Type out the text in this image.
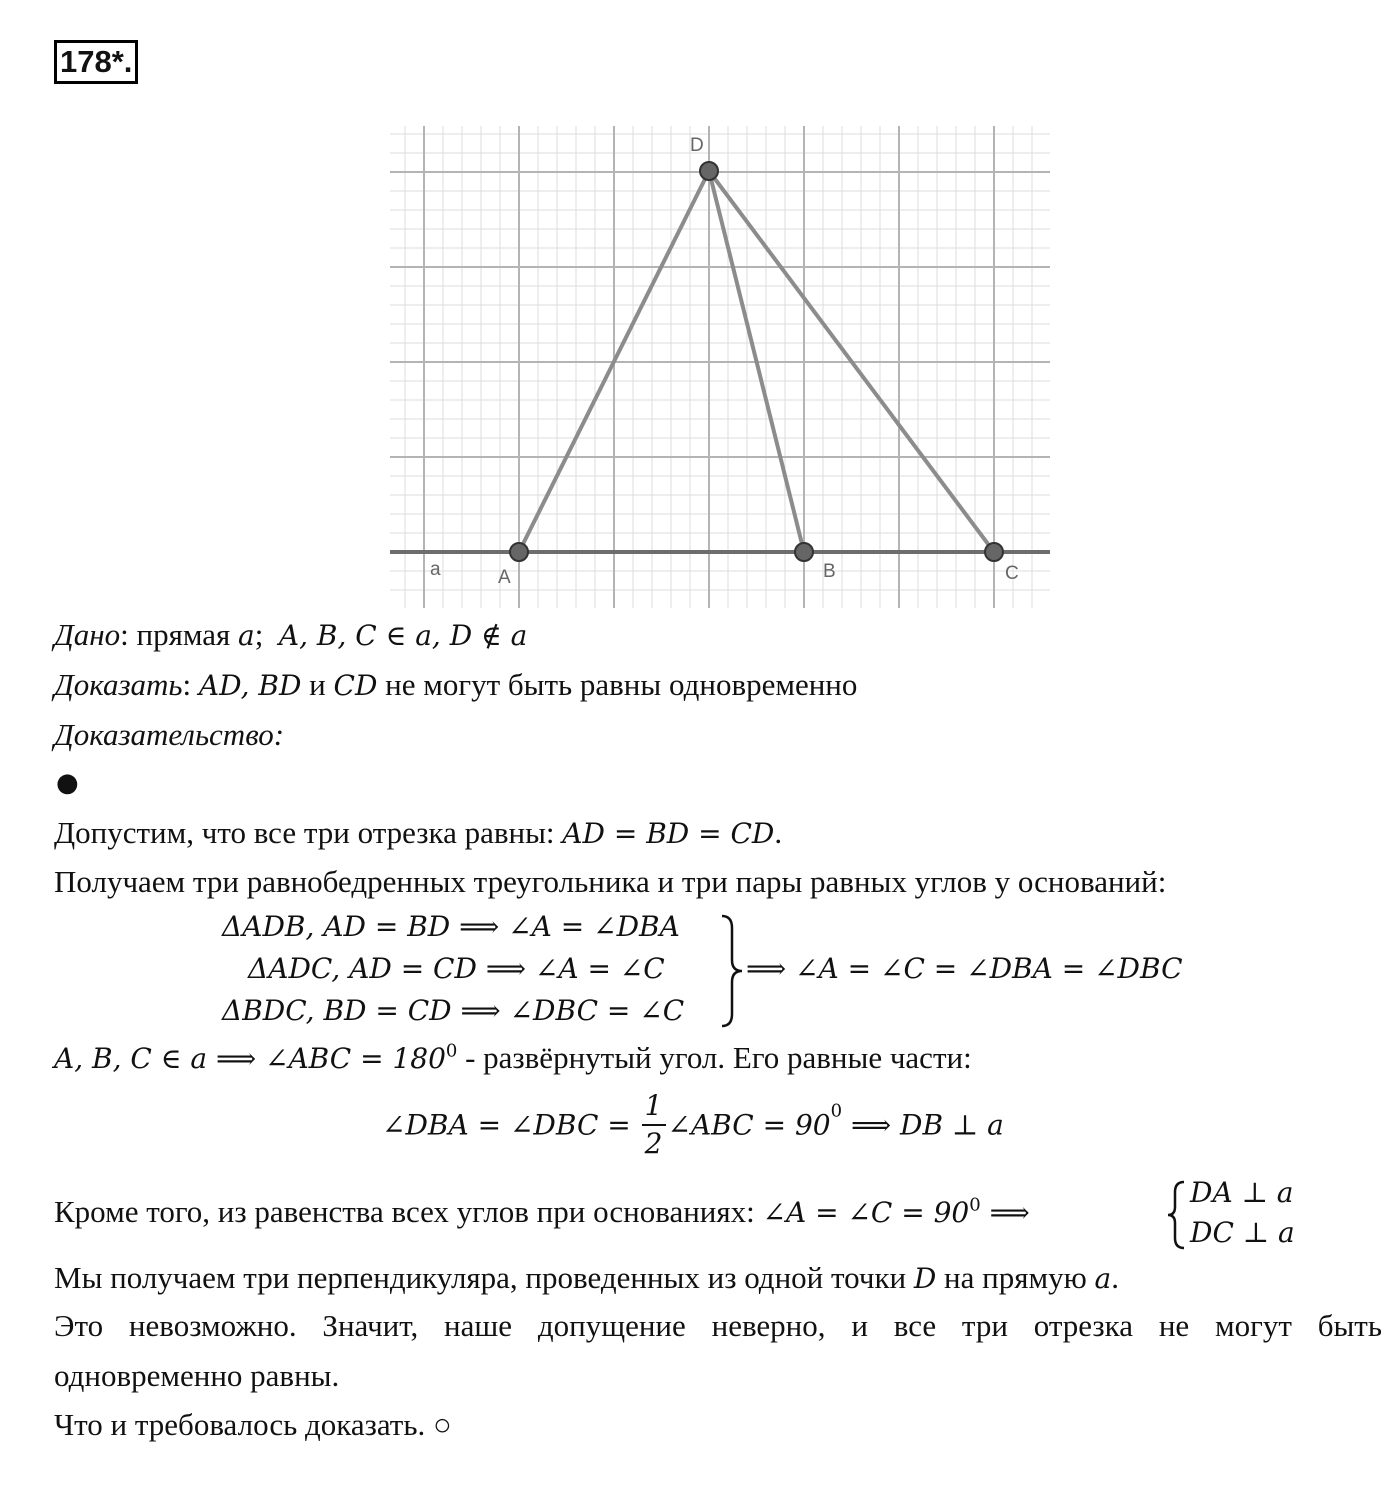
178*.
D
A	B	C
a
Дано: прямая a; A, B, C ∈ a, D ∉ a
Доказать: AD, BD и CD не могут быть равны одновременно
Доказательство:
●
Допустим, что все три отрезка равны: AD = BD = CD.
Получаем три равнобедренных треугольника и три пары равных углов у оснований:
ΔADB, AD = BD ⟹ ∠A = ∠DBA
ΔADC, AD = CD ⟹ ∠A = ∠C
ΔBDC, BD = CD ⟹ ∠DBC = ∠C
⟹ ∠A = ∠C = ∠DBA = ∠DBC
A, B, C ∈ a ⟹ ∠ABC = $180^0$ - развёрнутый угол. Его равные части:
∠DBA = ∠DBC = $\frac{1}{2}$ ∠ABC = $90^0$ ⟹ DB ⊥ a
Кроме того, из равенства всех углов при основаниях: ∠A = ∠C = $90^0$ ⟹
DA ⊥ a
DC ⊥ a
Мы получаем три перпендикуляра, проведенных из одной точки D на прямую a.
Это невозможно. Значит, наше допущение неверно, и все три отрезка не могут быть
одновременно равны.
Что и требовалось доказать. ○
